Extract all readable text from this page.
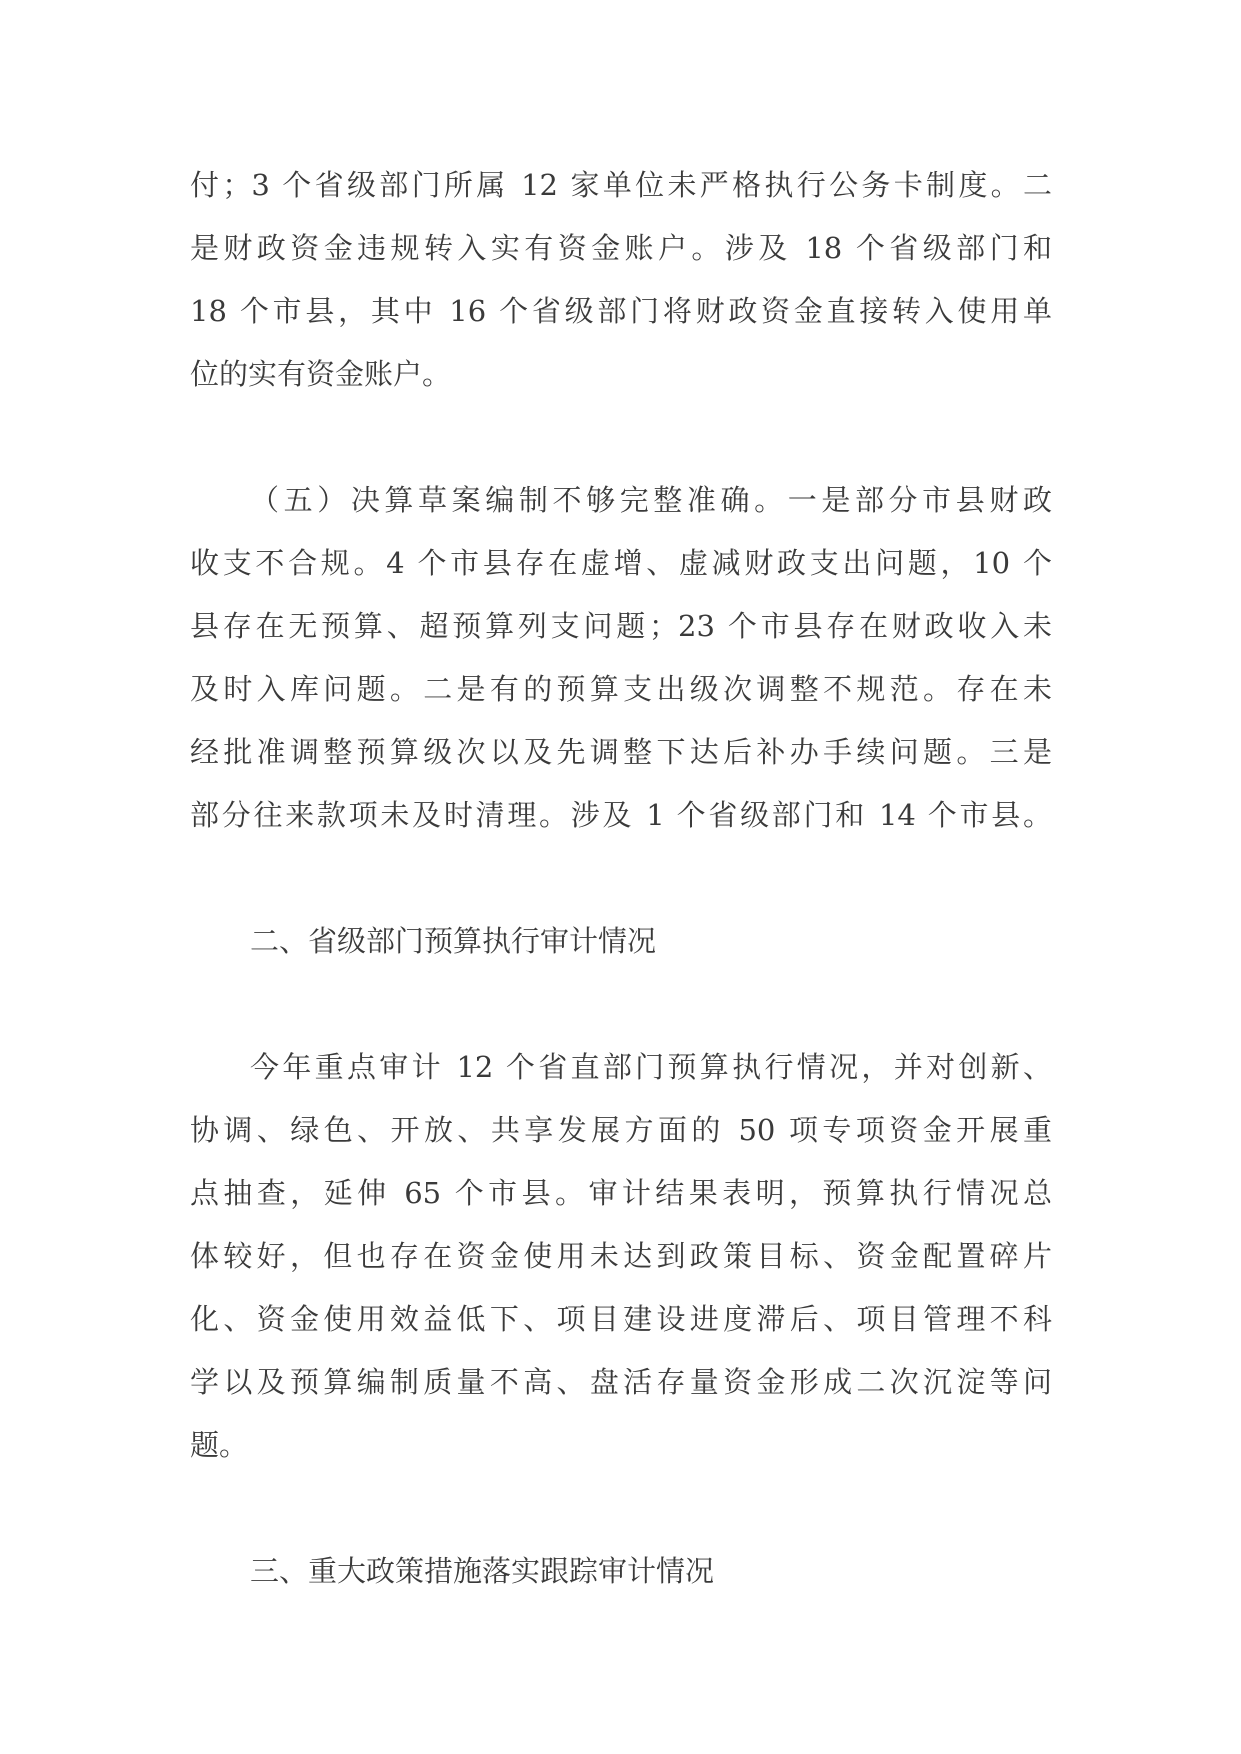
付；3 个省级部门所属 12 家单位未严格执行公务卡制度。二
是财政资金违规转入实有资金账户。涉及 18 个省级部门和
18 个市县，其中 16 个省级部门将财政资金直接转入使用单
位的实有资金账户。
（五）决算草案编制不够完整准确。一是部分市县财政
收支不合规。4 个市县存在虚增、虚减财政支出问题，10 个
县存在无预算、超预算列支问题；23 个市县存在财政收入未
及时入库问题。二是有的预算支出级次调整不规范。存在未
经批准调整预算级次以及先调整下达后补办手续问题。三是
部分往来款项未及时清理。涉及 1 个省级部门和 14 个市县。
二、省级部门预算执行审计情况
今年重点审计 12 个省直部门预算执行情况，并对创新、
协调、绿色、开放、共享发展方面的 50 项专项资金开展重
点抽查，延伸 65 个市县。审计结果表明，预算执行情况总
体较好，但也存在资金使用未达到政策目标、资金配置碎片
化、资金使用效益低下、项目建设进度滞后、项目管理不科
学以及预算编制质量不高、盘活存量资金形成二次沉淀等问
题。
三、重大政策措施落实跟踪审计情况
